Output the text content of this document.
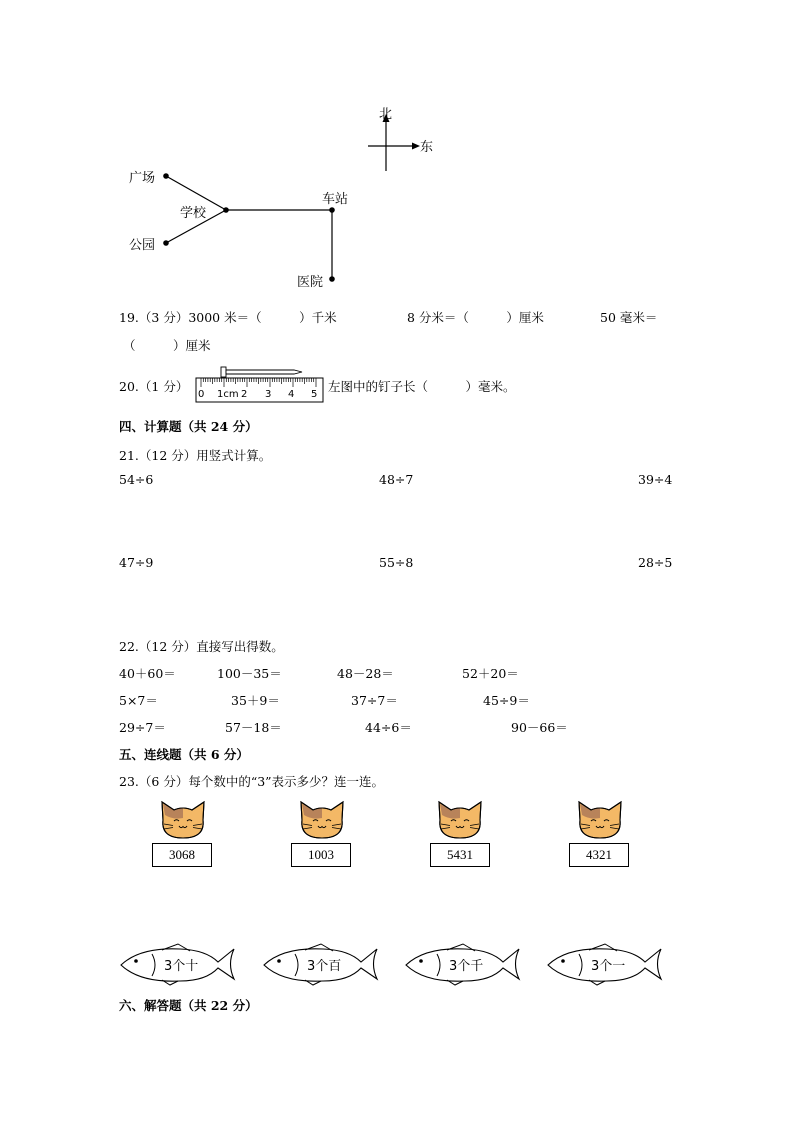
北
东
广场
学校
公园
车站
医院
19.（3 分）3000 米＝（　　　）千米	8 分米＝（　　　）厘米	50 毫米＝
（　　　）厘米
20.（1 分）
0 1cm 2 3 4 5
左图中的钉子长（　　　）毫米。
四、计算题（共 24 分）
21.（12 分）用竖式计算。
54÷6	48÷7	39÷4
47÷9	55÷8	28÷5
22.（12 分）直接写出得数。
40＋60＝	100－35＝	48－28＝	52＋20＝
5×7＝	35＋9＝	37÷7＝	45÷9＝
29÷7＝	57－18＝	44÷6＝	90－66＝
五、连线题（共 6 分）
23.（6 分）每个数中的“3”表示多少？连一连。
3068	1003	5431	4321
3个十	3个百	3个千	3个一
六、解答题（共 22 分）
